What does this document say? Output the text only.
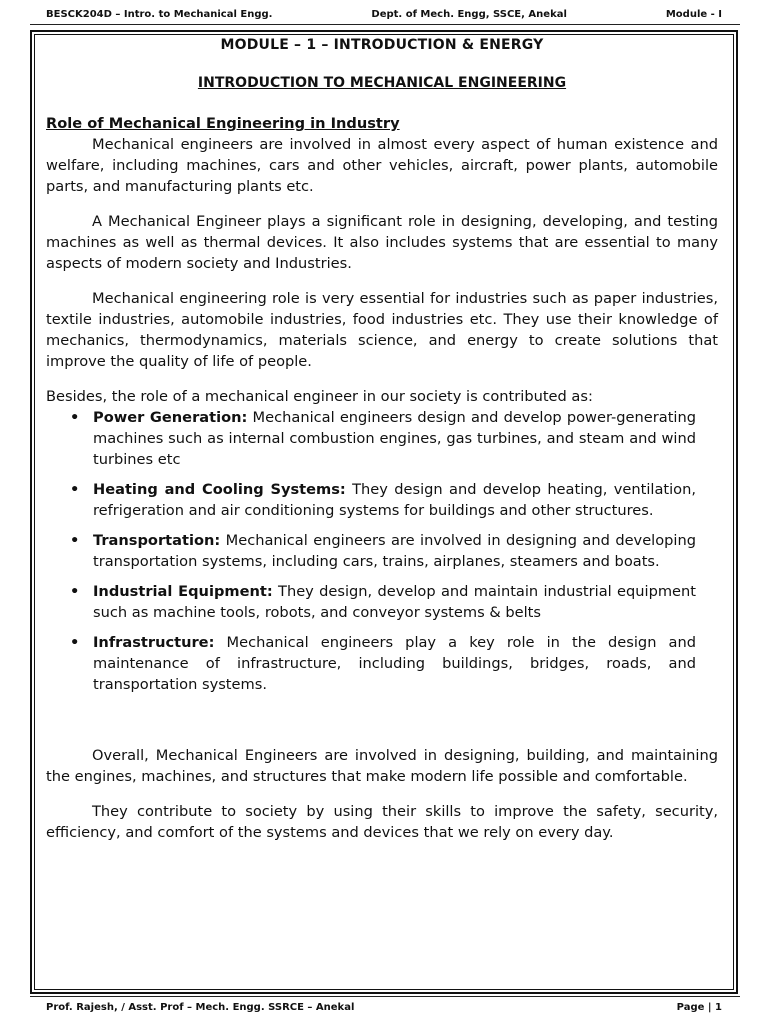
BESCK204D – Intro. to Mechanical Engg.	Dept. of Mech. Engg, SSCE, Anekal	Module - I
MODULE – 1 – INTRODUCTION & ENERGY
INTRODUCTION TO MECHANICAL ENGINEERING
Role of Mechanical Engineering in Industry

Mechanical engineers are involved in almost every aspect of human existence and welfare, including machines, cars and other vehicles, aircraft, power plants, automobile parts, and manufacturing plants etc.

A Mechanical Engineer plays a significant role in designing, developing, and testing machines as well as thermal devices. It also includes systems that are essential to many aspects of modern society and Industries.

Mechanical engineering role is very essential for industries such as paper industries, textile industries, automobile industries, food industries etc. They use their knowledge of mechanics, thermodynamics, materials science, and energy to create solutions that improve the quality of life of people.

Besides, the role of a mechanical engineer in our society is contributed as:

• Power Generation: Mechanical engineers design and develop power-generating machines such as internal combustion engines, gas turbines, and steam and wind turbines etc
• Heating and Cooling Systems: They design and develop heating, ventilation, refrigeration and air conditioning systems for buildings and other structures.
• Transportation: Mechanical engineers are involved in designing and developing transportation systems, including cars, trains, airplanes, steamers and boats.
• Industrial Equipment: They design, develop and maintain industrial equipment such as machine tools, robots, and conveyor systems & belts
• Infrastructure: Mechanical engineers play a key role in the design and maintenance of infrastructure, including buildings, bridges, roads, and transportation systems.

Overall, Mechanical Engineers are involved in designing, building, and maintaining the engines, machines, and structures that make modern life possible and comfortable.

They contribute to society by using their skills to improve the safety, security, efficiency, and comfort of the systems and devices that we rely on every day.

Prof. Rajesh, / Asst. Prof – Mech. Engg. SSRCE – Anekal	Page | 1
